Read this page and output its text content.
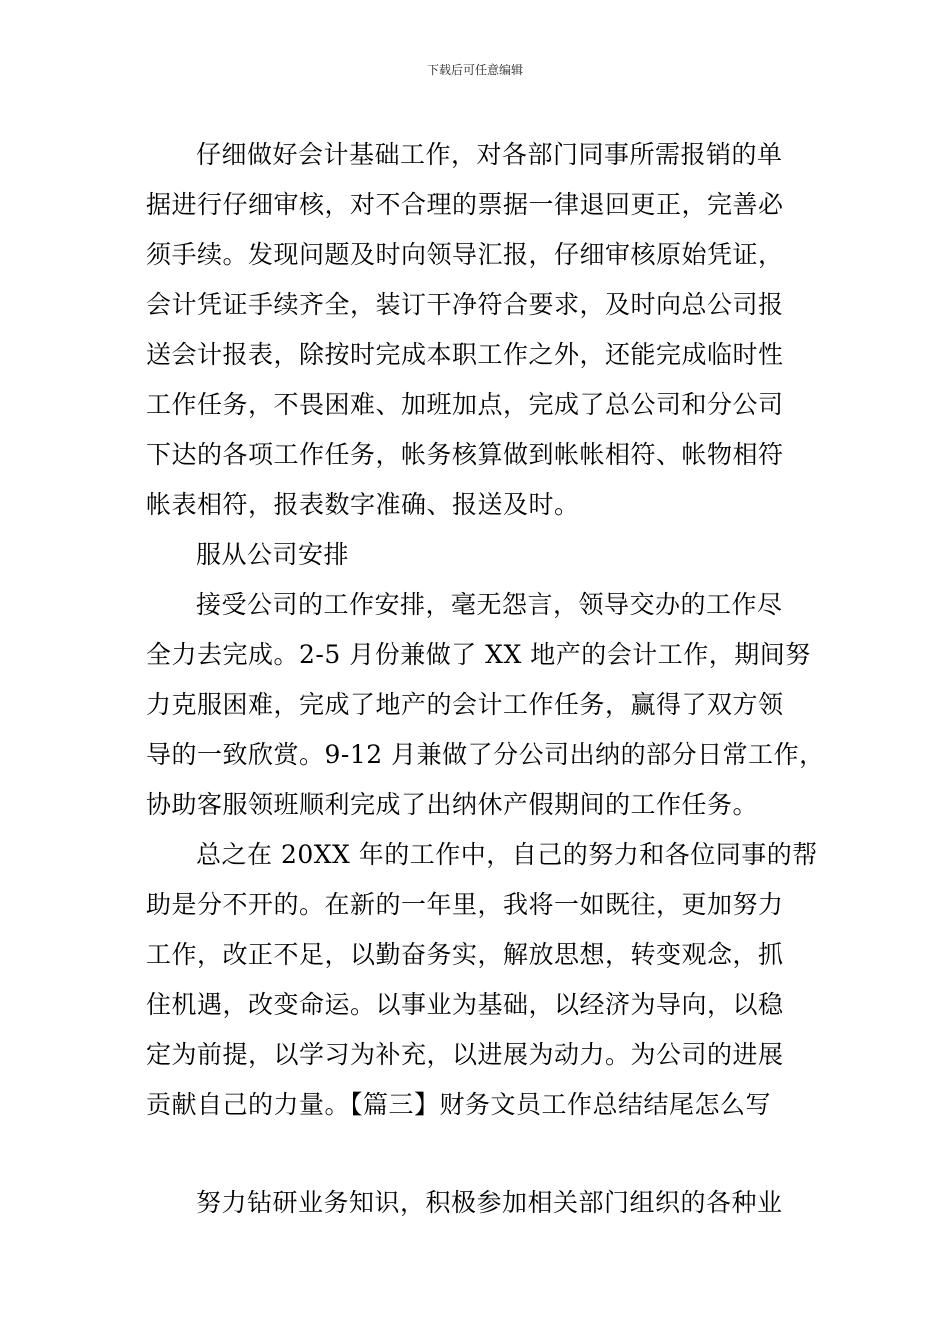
下载后可任意编辑
仔细做好会计基础工作，对各部门同事所需报销的单
据进行仔细审核，对不合理的票据一律退回更正，完善必
须手续。发现问题及时向领导汇报，仔细审核原始凭证，
会计凭证手续齐全，装订干净符合要求，及时向总公司报
送会计报表，除按时完成本职工作之外，还能完成临时性
工作任务，不畏困难、加班加点，完成了总公司和分公司
下达的各项工作任务，帐务核算做到帐帐相符、帐物相符
帐表相符，报表数字准确、报送及时。
服从公司安排
接受公司的工作安排，毫无怨言，领导交办的工作尽
全力去完成。2-5 月份兼做了 XX 地产的会计工作，期间努
力克服困难，完成了地产的会计工作任务，赢得了双方领
导的一致欣赏。9-12 月兼做了分公司出纳的部分日常工作，
协助客服领班顺利完成了出纳休产假期间的工作任务。
总之在 20XX 年的工作中，自己的努力和各位同事的帮
助是分不开的。在新的一年里，我将一如既往，更加努力
工作，改正不足，以勤奋务实，解放思想，转变观念，抓
住机遇，改变命运。以事业为基础，以经济为导向，以稳
定为前提，以学习为补充，以进展为动力。为公司的进展
贡献自己的力量。【篇三】财务文员工作总结结尾怎么写
努力钻研业务知识，积极参加相关部门组织的各种业
